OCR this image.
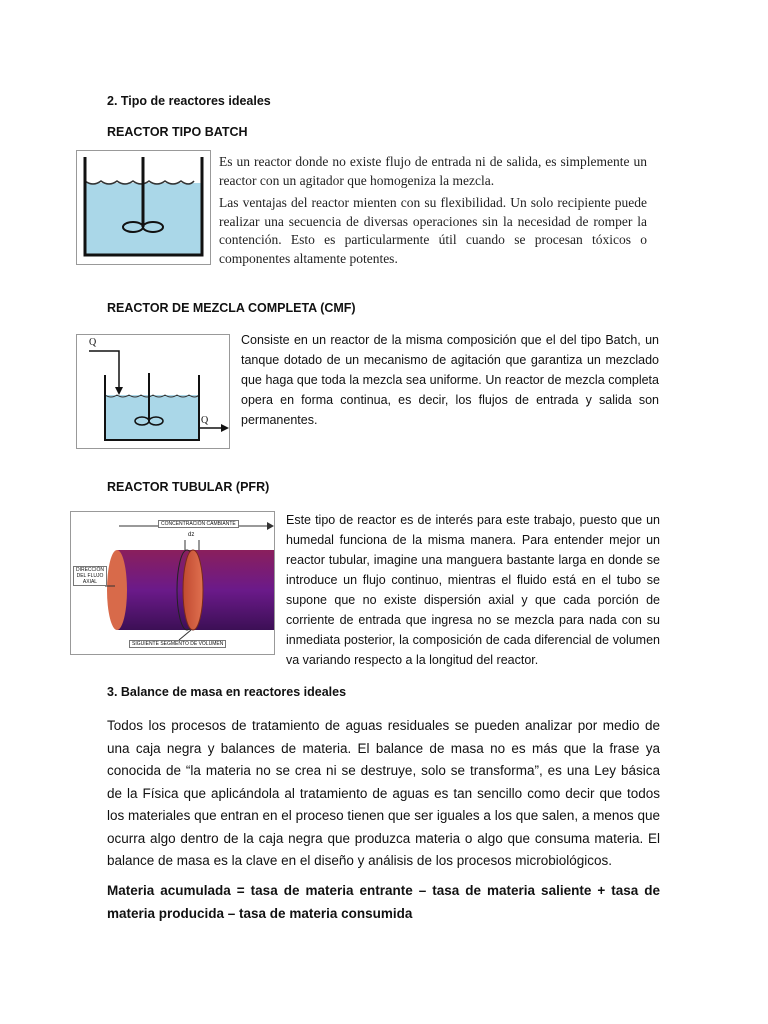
2. Tipo de reactores ideales
REACTOR TIPO BATCH
Es un reactor donde no existe flujo de entrada ni de salida, es simplemente un reactor con un agitador que homogeniza la mezcla.
Las ventajas del reactor mienten con su flexibilidad. Un solo recipiente puede realizar una secuencia de diversas operaciones sin la necesidad de romper la contención. Esto es particularmente útil cuando se procesan tóxicos o componentes altamente potentes.
REACTOR DE MEZCLA COMPLETA (CMF)
Q
Q
Consiste en un reactor de la misma composición que el del tipo Batch, un tanque dotado de un mecanismo de agitación que garantiza un mezclado que haga que toda la mezcla sea uniforme. Un reactor de mezcla completa opera en forma continua, es decir, los flujos de entrada y salida son permanentes.
REACTOR TUBULAR (PFR)
CONCENTRACIÓN CAMBIANTE
dz
DIRECCIÓN DEL FLUJO AXIAL
SIGUIENTE SEGMENTO DE VOLUMEN
Este tipo de reactor es de interés para este trabajo, puesto que un humedal funciona de la misma manera. Para entender mejor un reactor tubular, imagine una manguera bastante larga en donde se introduce un flujo continuo, mientras el fluido está en el tubo se supone que no existe dispersión axial y que cada porción de corriente de entrada que ingresa no se mezcla para nada con su inmediata posterior, la composición de cada diferencial de volumen va variando respecto a la longitud del reactor.
3. Balance de masa en reactores ideales
Todos los procesos de tratamiento de aguas residuales se pueden analizar por medio de una caja negra y balances de materia. El balance de masa no es más que la frase ya conocida de “la materia no se crea ni se destruye, solo se transforma”, es una Ley básica de la Física que aplicándola al tratamiento de aguas es tan sencillo como decir que todos los materiales que entran en el proceso tienen que ser iguales a los que salen, a menos que ocurra algo dentro de la caja negra que produzca materia o algo que consuma materia. El balance de masa es la clave en el diseño y análisis de los procesos microbiológicos.
Materia acumulada = tasa de materia entrante – tasa de materia saliente + tasa de materia producida – tasa de materia consumida
